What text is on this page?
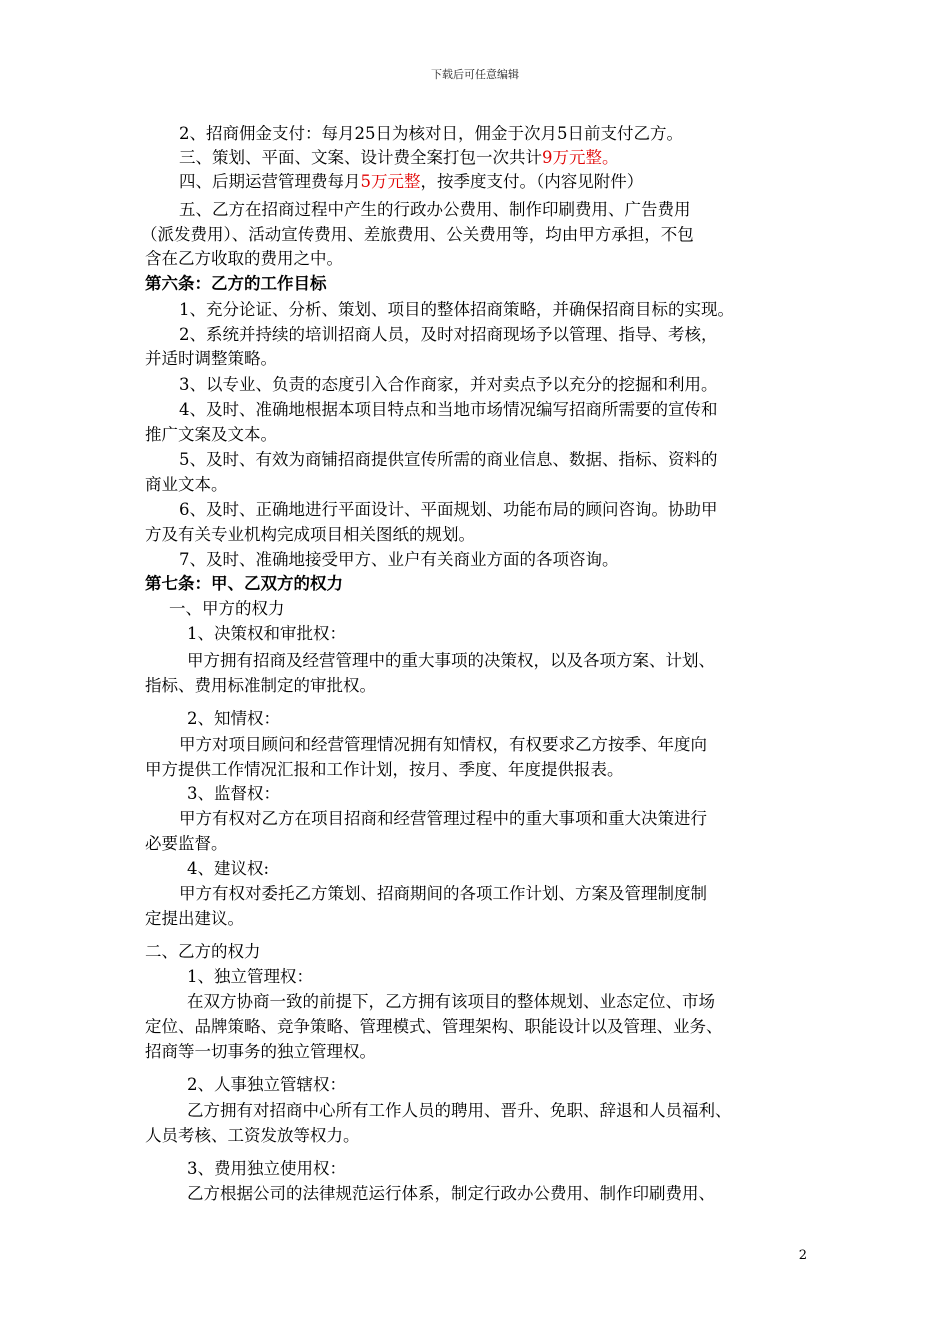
下载后可任意编辑
2、招商佣金支付：每月25日为核对日，佣金于次月5日前支付乙方。
三、策划、平面、文案、设计费全案打包一次共计9万元整。
四、后期运营管理费每月5万元整，按季度支付。（内容见附件）
五、乙方在招商过程中产生的行政办公费用、制作印刷费用、广告费用
（派发费用）、活动宣传费用、差旅费用、公关费用等，均由甲方承担，不包
含在乙方收取的费用之中。
第六条：乙方的工作目标
1、充分论证、分析、策划、项目的整体招商策略，并确保招商目标的实现。
2、系统并持续的培训招商人员，及时对招商现场予以管理、指导、考核，
并适时调整策略。
3、以专业、负责的态度引入合作商家，并对卖点予以充分的挖掘和利用。
4、及时、准确地根据本项目特点和当地市场情况编写招商所需要的宣传和
推广文案及文本。
5、及时、有效为商铺招商提供宣传所需的商业信息、数据、指标、资料的
商业文本。
6、及时、正确地进行平面设计、平面规划、功能布局的顾问咨询。协助甲
方及有关专业机构完成项目相关图纸的规划。
7、及时、准确地接受甲方、业户有关商业方面的各项咨询。
第七条：甲、乙双方的权力
一、甲方的权力
1、决策权和审批权：
甲方拥有招商及经营管理中的重大事项的决策权，以及各项方案、计划、
指标、费用标准制定的审批权。
2、知情权：
甲方对项目顾问和经营管理情况拥有知情权，有权要求乙方按季、年度向
甲方提供工作情况汇报和工作计划，按月、季度、年度提供报表。
3、监督权：
甲方有权对乙方在项目招商和经营管理过程中的重大事项和重大决策进行
必要监督。
4、建议权:
甲方有权对委托乙方策划、招商期间的各项工作计划、方案及管理制度制
定提出建议。
二、乙方的权力
1、独立管理权：
在双方协商一致的前提下，乙方拥有该项目的整体规划、业态定位、市场
定位、品牌策略、竞争策略、管理模式、管理架构、职能设计以及管理、业务、
招商等一切事务的独立管理权。
2、人事独立管辖权：
乙方拥有对招商中心所有工作人员的聘用、晋升、免职、辞退和人员福利、
人员考核、工资发放等权力。
3、费用独立使用权：
乙方根据公司的法律规范运行体系，制定行政办公费用、制作印刷费用、
2
